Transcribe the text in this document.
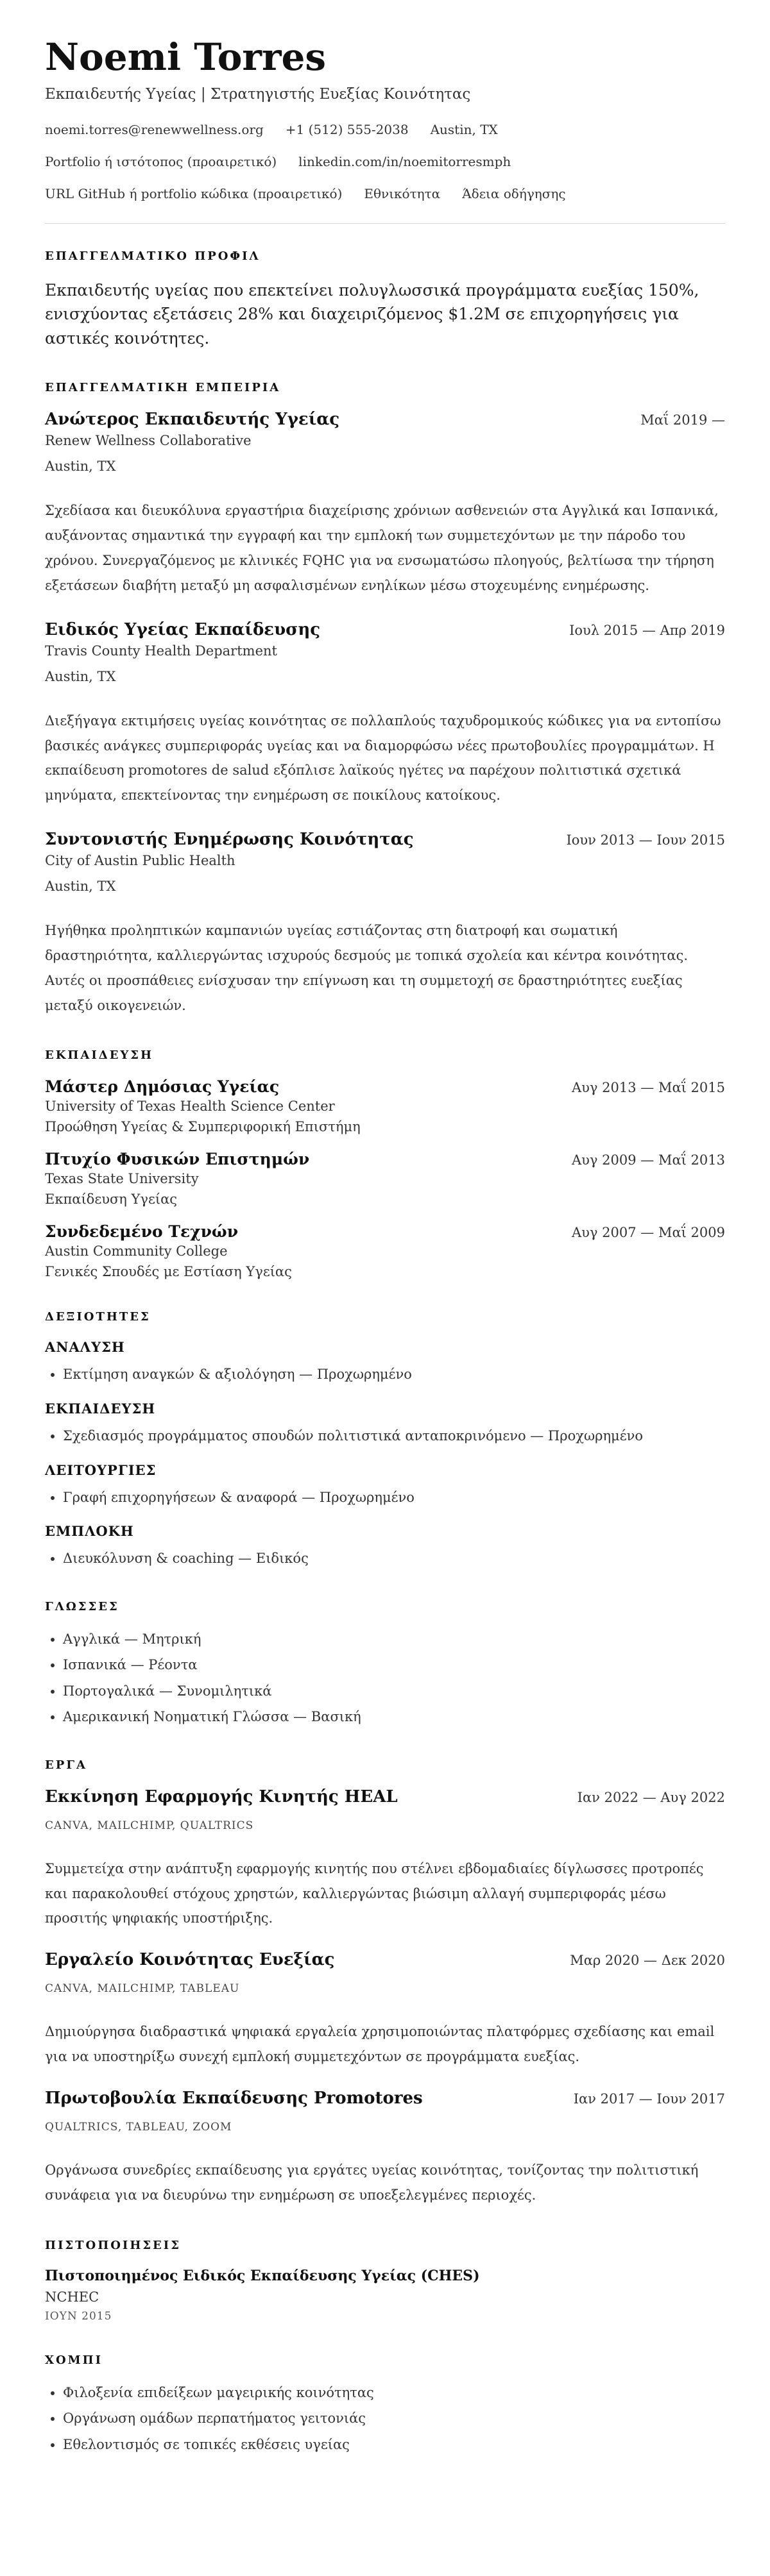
Noemi Torres
Εκπαιδευτής Υγείας | Στρατηγιστής Ευεξίας Κοινότητας
noemi.torres@renewwellness.org +1 (512) 555-2038 Austin, TX
Portfolio ή ιστότοπος (προαιρετικό) linkedin.com/in/noemitorresmph
URL GitHub ή portfolio κώδικα (προαιρετικό) Εθνικότητα Άδεια οδήγησης
ΕΠΑΓΓΕΛΜΑΤΙΚΟ ΠΡΟΦΙΛ

Εκπαιδευτής υγείας που επεκτείνει πολυγλωσσικά προγράμματα ευεξίας 150%, ενισχύοντας εξετάσεις 28% και διαχειριζόμενος $1.2M σε επιχορηγήσεις για αστικές κοινότητες.

ΕΠΑΓΓΕΛΜΑΤΙΚΗ ΕΜΠΕΙΡΙΑ
Ανώτερος Εκπαιδευτής Υγείας	Μαΐ 2019 —
Renew Wellness Collaborative
Austin, TX

Σχεδίασα και διευκόλυνα εργαστήρια διαχείρισης χρόνιων ασθενειών στα Αγγλικά και Ισπανικά, αυξάνοντας σημαντικά την εγγραφή και την εμπλοκή των συμμετεχόντων με την πάροδο του χρόνου. Συνεργαζόμενος με κλινικές FQHC για να ενσωματώσω πλοηγούς, βελτίωσα την τήρηση εξετάσεων διαβήτη μεταξύ μη ασφαλισμένων ενηλίκων μέσω στοχευμένης ενημέρωσης.

Ειδικός Υγείας Εκπαίδευσης	Ιουλ 2015 — Απρ 2019
Travis County Health Department
Austin, TX

Διεξήγαγα εκτιμήσεις υγείας κοινότητας σε πολλαπλούς ταχυδρομικούς κώδικες για να εντοπίσω βασικές ανάγκες συμπεριφοράς υγείας και να διαμορφώσω νέες πρωτοβουλίες προγραμμάτων. Η εκπαίδευση promotores de salud εξόπλισε λαϊκούς ηγέτες να παρέχουν πολιτιστικά σχετικά μηνύματα, επεκτείνοντας την ενημέρωση σε ποικίλους κατοίκους.

Συντονιστής Ενημέρωσης Κοινότητας	Ιουν 2013 — Ιουν 2015
City of Austin Public Health
Austin, TX

Ηγήθηκα προληπτικών καμπανιών υγείας εστιάζοντας στη διατροφή και σωματική δραστηριότητα, καλλιεργώντας ισχυρούς δεσμούς με τοπικά σχολεία και κέντρα κοινότητας. Αυτές οι προσπάθειες ενίσχυσαν την επίγνωση και τη συμμετοχή σε δραστηριότητες ευεξίας μεταξύ οικογενειών.

ΕΚΠΑΙΔΕΥΣΗ
Μάστερ Δημόσιας Υγείας	Αυγ 2013 — Μαΐ 2015
University of Texas Health Science Center
Προώθηση Υγείας & Συμπεριφορική Επιστήμη
Πτυχίο Φυσικών Επιστημών	Αυγ 2009 — Μαΐ 2013
Texas State University
Εκπαίδευση Υγείας
Συνδεδεμένο Τεχνών	Αυγ 2007 — Μαΐ 2009
Austin Community College
Γενικές Σπουδές με Εστίαση Υγείας
ΔΕΞΙΟΤΗΤΕΣ
ΑΝΑΛΥΣΗ
• Εκτίμηση αναγκών & αξιολόγηση — Προχωρημένο
ΕΚΠΑΙΔΕΥΣΗ
• Σχεδιασμός προγράμματος σπουδών πολιτιστικά ανταποκρινόμενο — Προχωρημένο
ΛΕΙΤΟΥΡΓΙΕΣ
• Γραφή επιχορηγήσεων & αναφορά — Προχωρημένο
ΕΜΠΛΟΚΗ
• Διευκόλυνση & coaching — Ειδικός
ΓΛΩΣΣΕΣ
• Αγγλικά — Μητρική
• Ισπανικά — Ρέοντα
• Πορτογαλικά — Συνομιλητικά
• Αμερικανική Νοηματική Γλώσσα — Βασική
ΕΡΓΑ
Εκκίνηση Εφαρμογής Κινητής HEAL	Ιαν 2022 — Αυγ 2022
CANVA, MAILCHIMP, QUALTRICS

Συμμετείχα στην ανάπτυξη εφαρμογής κινητής που στέλνει εβδομαδιαίες δίγλωσσες προτροπές και παρακολουθεί στόχους χρηστών, καλλιεργώντας βιώσιμη αλλαγή συμπεριφοράς μέσω προσιτής ψηφιακής υποστήριξης.

Εργαλείο Κοινότητας Ευεξίας	Μαρ 2020 — Δεκ 2020
CANVA, MAILCHIMP, TABLEAU

Δημιούργησα διαδραστικά ψηφιακά εργαλεία χρησιμοποιώντας πλατφόρμες σχεδίασης και email για να υποστηρίξω συνεχή εμπλοκή συμμετεχόντων σε προγράμματα ευεξίας.

Πρωτοβουλία Εκπαίδευσης Promotores	Ιαν 2017 — Ιουν 2017
QUALTRICS, TABLEAU, ZOOM

Οργάνωσα συνεδρίες εκπαίδευσης για εργάτες υγείας κοινότητας, τονίζοντας την πολιτιστική συνάφεια για να διευρύνω την ενημέρωση σε υποεξελεγμένες περιοχές.

ΠΙΣΤΟΠΟΙΗΣΕΙΣ
Πιστοποιημένος Ειδικός Εκπαίδευσης Υγείας (CHES)
NCHEC
ΙΟΥΝ 2015
ΧΟΜΠΙ
• Φιλοξενία επιδείξεων μαγειρικής κοινότητας
• Οργάνωση ομάδων περπατήματος γειτονιάς
• Εθελοντισμός σε τοπικές εκθέσεις υγείας
